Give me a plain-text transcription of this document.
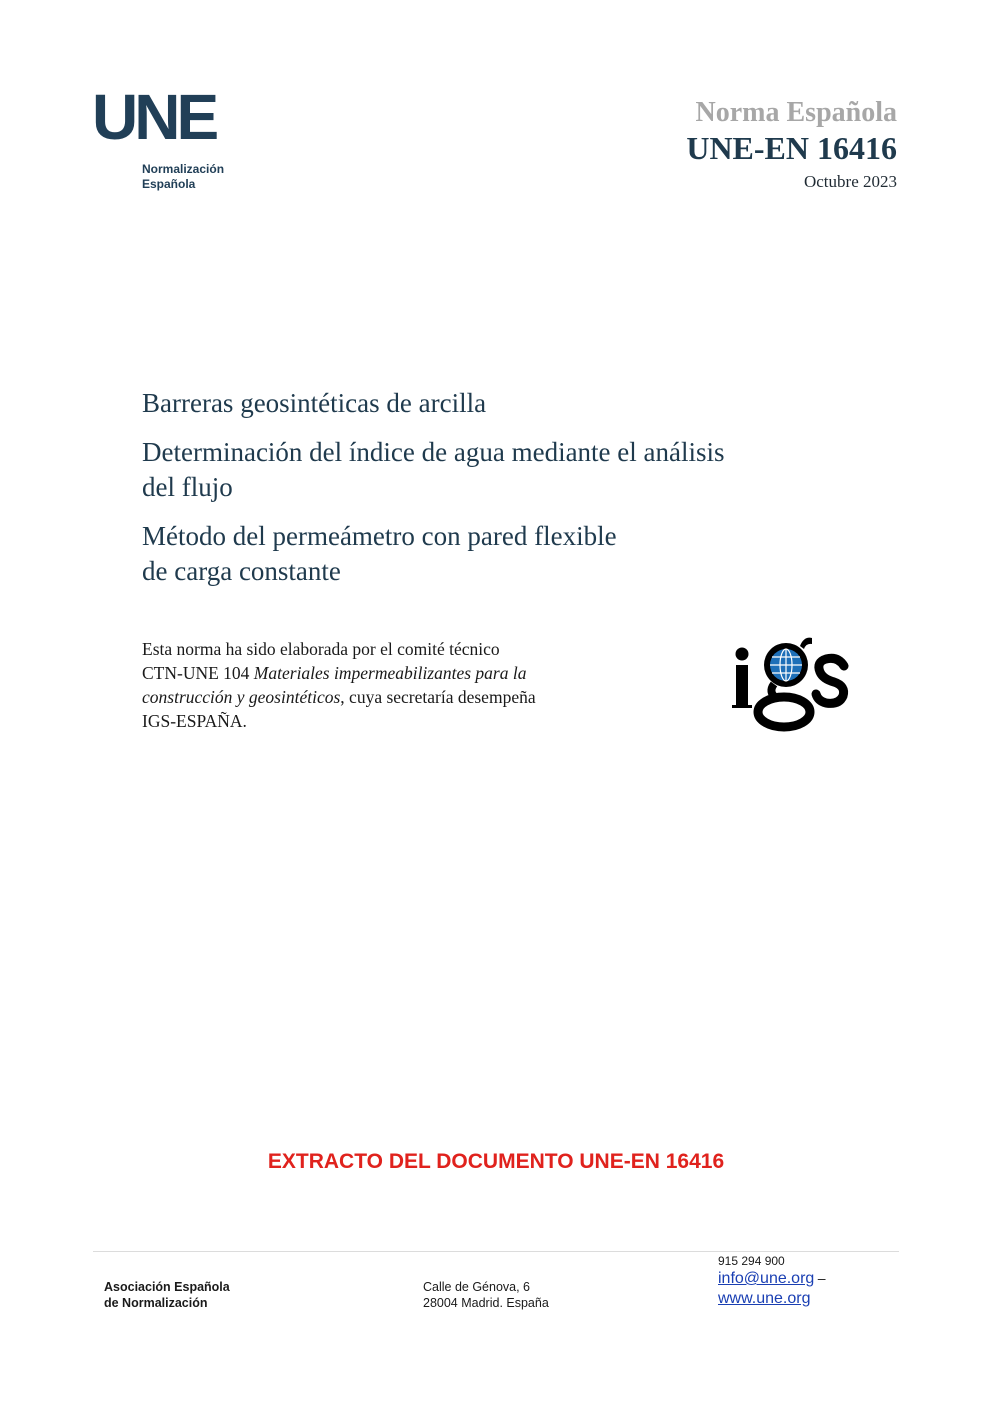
UNE
Normalización
Española
Norma Española
UNE-EN 16416
Octubre 2023

Barreras geosintéticas de arcilla

Determinación del índice de agua mediante el análisis
del flujo

Método del permeámetro con pared flexible
de carga constante

Esta norma ha sido elaborada por el comité técnico
CTN-UNE 104 Materiales impermeabilizantes para la
construcción y geosintéticos, cuya secretaría desempeña
IGS-ESPAÑA.
EXTRACTO DEL DOCUMENTO UNE-EN 16416
Asociación Española
de Normalización
Calle de Génova, 6
28004 Madrid. España
915 294 900
info@une.org –
www.une.org
